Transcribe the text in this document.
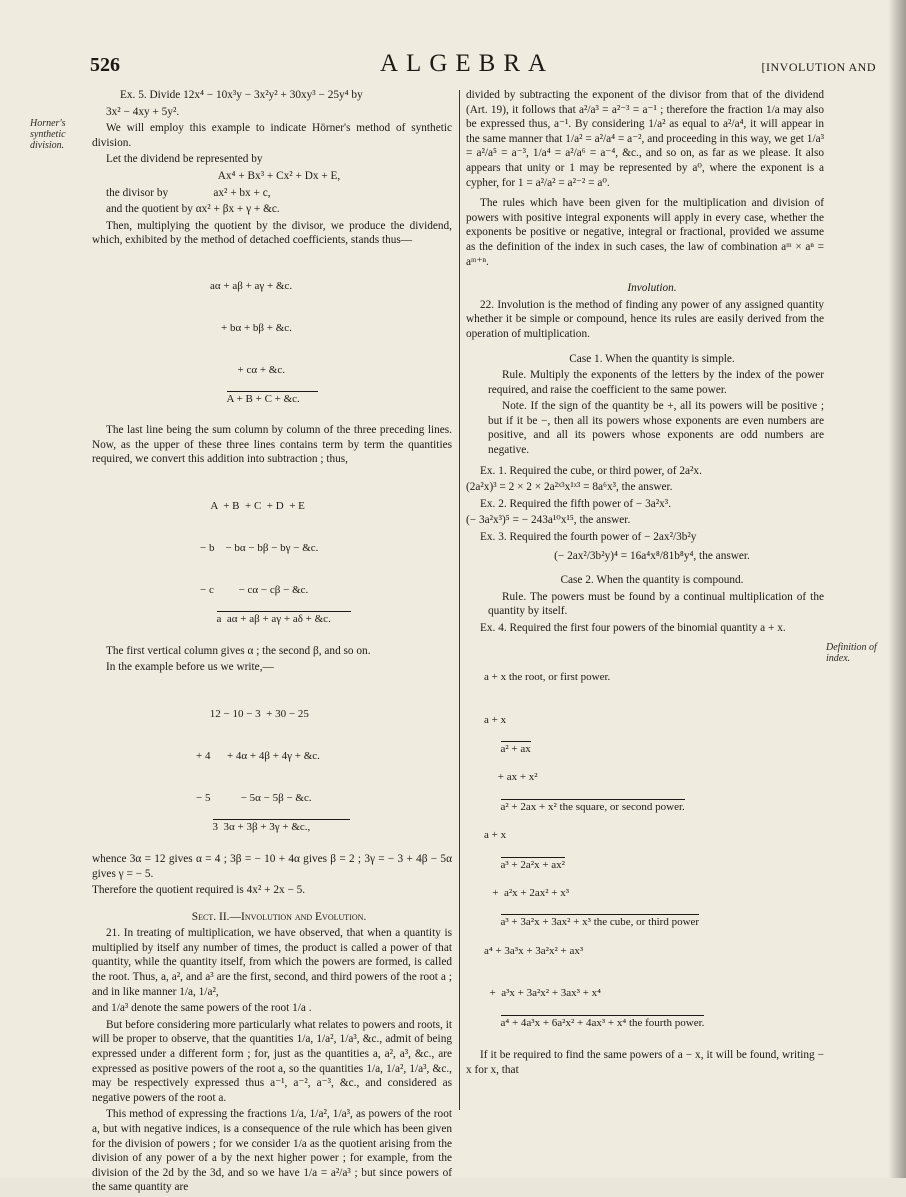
526	ALGEBRA	[INVOLUTION AND
Horner's synthetic division.
Definition of index.

Ex. 5. Divide 12x⁴ − 10x³y − 3x²y² + 30xy³ − 25y⁴ by

3x² − 4xy + 5y².

We will employ this example to indicate Hörner's method of synthetic division.

Let the dividend be represented by

Ax⁴ + Bx³ + Cx² + Dx + E,

the divisor by                ax² + bx + c,

and the quotient by αx² + βx + γ + &c.

Then, multiplying the quotient by the divisor, we produce the dividend, which, exhibited by the method of detached coefficients, stands thus—

aα + aβ + aγ + &c.

+ bα + bβ + &c.

+ cα + &c.

A + B + C + &c.

The last line being the sum column by column of the three preceding lines. Now, as the upper of these three lines contains term by term the quantities required, we convert this addition into subtraction ; thus,

A  + B  + C  + D  + E

− b    − bα − bβ − bγ − &c.

− c         − cα − cβ − &c.

a  aα + aβ + aγ + aδ + &c.

The first vertical column gives α ; the second β, and so on.

In the example before us we write,—

12 − 10 − 3  + 30 − 25

+ 4      + 4α + 4β + 4γ + &c.

− 5           − 5α − 5β − &c.

3  3α + 3β + 3γ + &c.,

whence 3α = 12 gives α = 4 ; 3β = − 10 + 4α gives β = 2 ; 3γ = − 3 + 4β − 5α gives γ = − 5.

Therefore the quotient required is 4x² + 2x − 5.

Sect. II.—Involution and Evolution.

21. In treating of multiplication, we have observed, that when a quantity is multiplied by itself any number of times, the product is called a power of that quantity, while the quantity itself, from which the powers are formed, is called the root. Thus, a, a², and a³ are the first, second, and third powers of the root a ; and in like manner 1/a, 1/a²,

and 1/a³ denote the same powers of the root 1/a .

But before considering more particularly what relates to powers and roots, it will be proper to observe, that the quantities 1/a, 1/a², 1/a³, &c., admit of being expressed under a different form ; for, just as the quantities a, a², a³, &c., are expressed as positive powers of the root a, so the quantities 1/a, 1/a², 1/a³, &c., may be respectively expressed thus a⁻¹, a⁻², a⁻³, &c., and considered as negative powers of the root a.

This method of expressing the fractions 1/a, 1/a², 1/a³, as powers of the root a, but with negative indices, is a consequence of the rule which has been given for the division of powers ; for we consider 1/a as the quotient arising from the division of any power of a by the next higher power ; for example, from the division of the 2d by the 3d, and so we have 1/a = a²/a³ ; but since powers of the same quantity are

divided by subtracting the exponent of the divisor from that of the dividend (Art. 19), it follows that a²/a³ = a²⁻³ = a⁻¹ ; therefore the fraction 1/a may also be expressed thus, a⁻¹. By considering 1/a² as equal to a²/a⁴, it will appear in the same manner that 1/a² = a²/a⁴ = a⁻², and proceeding in this way, we get 1/a³ = a²/a⁵ = a⁻³, 1/a⁴ = a²/a⁶ = a⁻⁴, &c., and so on, as far as we please. It also appears that unity or 1 may be represented by a⁰, where the exponent is a cypher, for 1 = a²/a² = a²⁻² = a⁰.

The rules which have been given for the multiplication and division of powers with positive integral exponents will apply in every case, whether the exponents be positive or negative, integral or fractional, provided we assume as the definition of the index in such cases, the law of combination aᵐ × aⁿ = aᵐ⁺ⁿ.

Involution.

22. Involution is the method of finding any power of any assigned quantity whether it be simple or compound, hence its rules are easily derived from the operation of multiplication.

Case 1. When the quantity is simple.

Rule. Multiply the exponents of the letters by the index of the power required, and raise the coefficient to the same power.

Note. If the sign of the quantity be +, all its powers will be positive ; but if it be −, then all its powers whose exponents are even numbers are positive, and all its powers whose exponents are odd numbers are negative.

Ex. 1. Required the cube, or third power, of 2a²x.

(2a²x)³ = 2 × 2 × 2a²ˣ³x¹ˣ³ = 8a⁶x³, the answer.

Ex. 2. Required the fifth power of − 3a²x³.

(− 3a²x³)⁵ = − 243a¹⁰x¹⁵, the answer.

Ex. 3. Required the fourth power of − 2ax²/3b²y

(− 2ax²/3b²y)⁴ = 16a⁴x⁸/81b⁸y⁴, the answer.

Case 2. When the quantity is compound.

Rule. The powers must be found by a continual multiplication of the quantity by itself.

Ex. 4. Required the first four powers of the binomial quantity a + x.

a + x the root, or first power.

a + x

a² + ax

+ ax + x²

a² + 2ax + x² the square, or second power.

a + x

a³ + 2a²x + ax²

+  a²x + 2ax² + x³

a³ + 3a²x + 3ax² + x³ the cube, or third power

a⁴ + 3a³x + 3a²x² + ax³

+  a³x + 3a²x² + 3ax³ + x⁴

a⁴ + 4a³x + 6a²x² + 4ax³ + x⁴ the fourth power.

If it be required to find the same powers of a − x, it will be found, writing − x for x, that
